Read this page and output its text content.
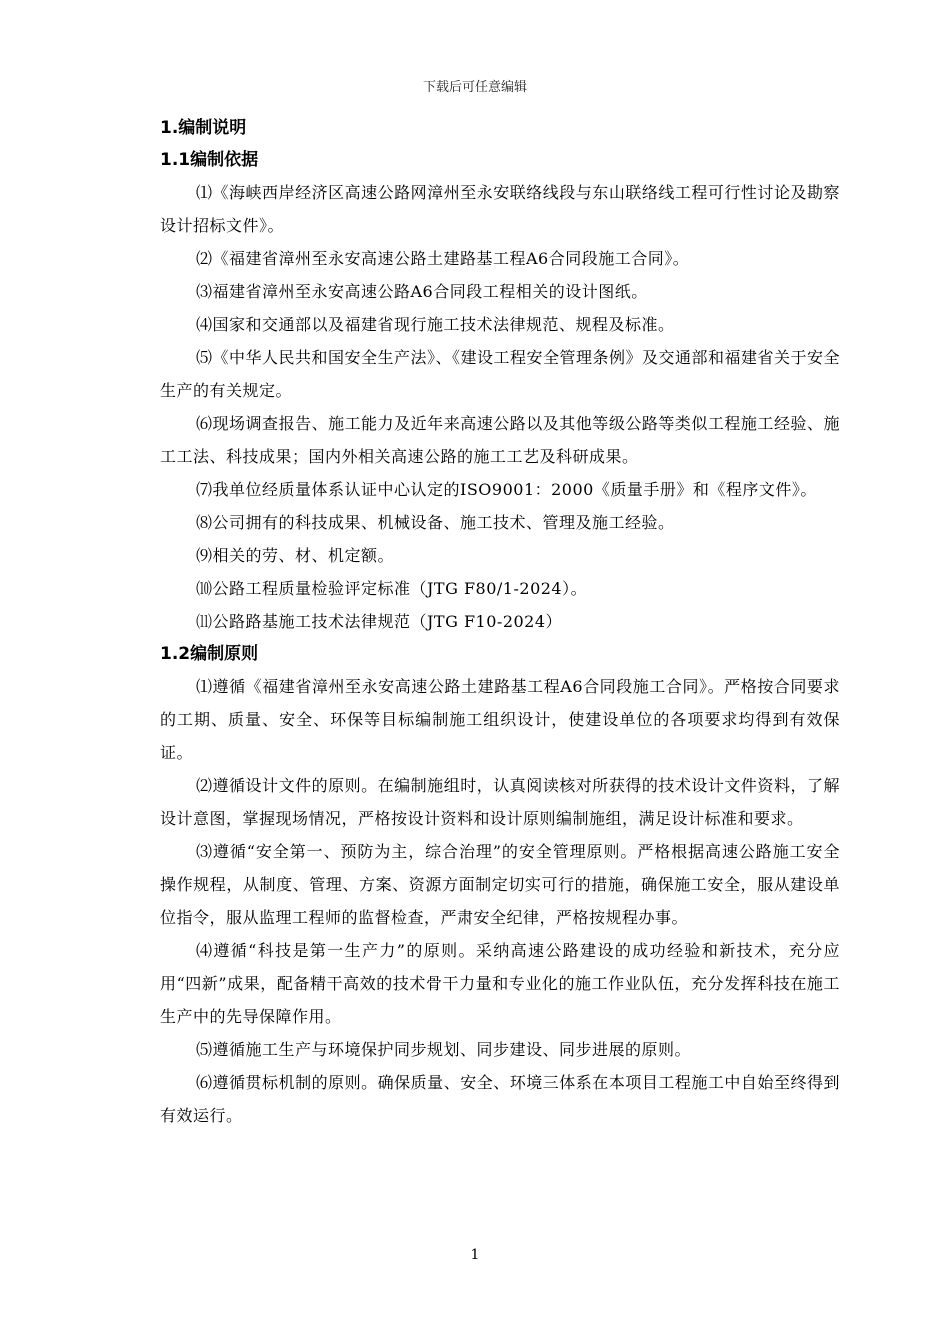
下载后可任意编辑
1.编制说明
1.1编制依据

⑴《海峡西岸经济区高速公路网漳州至永安联络线段与东山联络线工程可行性讨论及勘察设计招标文件》。

⑵《福建省漳州至永安高速公路土建路基工程A6合同段施工合同》。

⑶福建省漳州至永安高速公路A6合同段工程相关的设计图纸。

⑷国家和交通部以及福建省现行施工技术法律规范、规程及标准。

⑸《中华人民共和国安全生产法》、《建设工程安全管理条例》及交通部和福建省关于安全生产的有关规定。

⑹现场调查报告、施工能力及近年来高速公路以及其他等级公路等类似工程施工经验、施工工法、科技成果；国内外相关高速公路的施工工艺及科研成果。

⑺我单位经质量体系认证中心认定的ISO9001：2000《质量手册》和《程序文件》。

⑻公司拥有的科技成果、机械设备、施工技术、管理及施工经验。

⑼相关的劳、材、机定额。

⑽公路工程质量检验评定标准（JTG F80/1-2024）。

⑾公路路基施工技术法律规范（JTG F10-2024）

1.2编制原则

⑴遵循《福建省漳州至永安高速公路土建路基工程A6合同段施工合同》。严格按合同要求的工期、质量、安全、环保等目标编制施工组织设计，使建设单位的各项要求均得到有效保证。

⑵遵循设计文件的原则。在编制施组时，认真阅读核对所获得的技术设计文件资料，了解设计意图，掌握现场情况，严格按设计资料和设计原则编制施组，满足设计标准和要求。

⑶遵循“安全第一、预防为主，综合治理”的安全管理原则。严格根据高速公路施工安全操作规程，从制度、管理、方案、资源方面制定切实可行的措施，确保施工安全，服从建设单位指令，服从监理工程师的监督检查，严肃安全纪律，严格按规程办事。

⑷遵循“科技是第一生产力”的原则。采纳高速公路建设的成功经验和新技术，充分应用“四新”成果，配备精干高效的技术骨干力量和专业化的施工作业队伍，充分发挥科技在施工生产中的先导保障作用。

⑸遵循施工生产与环境保护同步规划、同步建设、同步进展的原则。

⑹遵循贯标机制的原则。确保质量、安全、环境三体系在本项目工程施工中自始至终得到有效运行。

1
